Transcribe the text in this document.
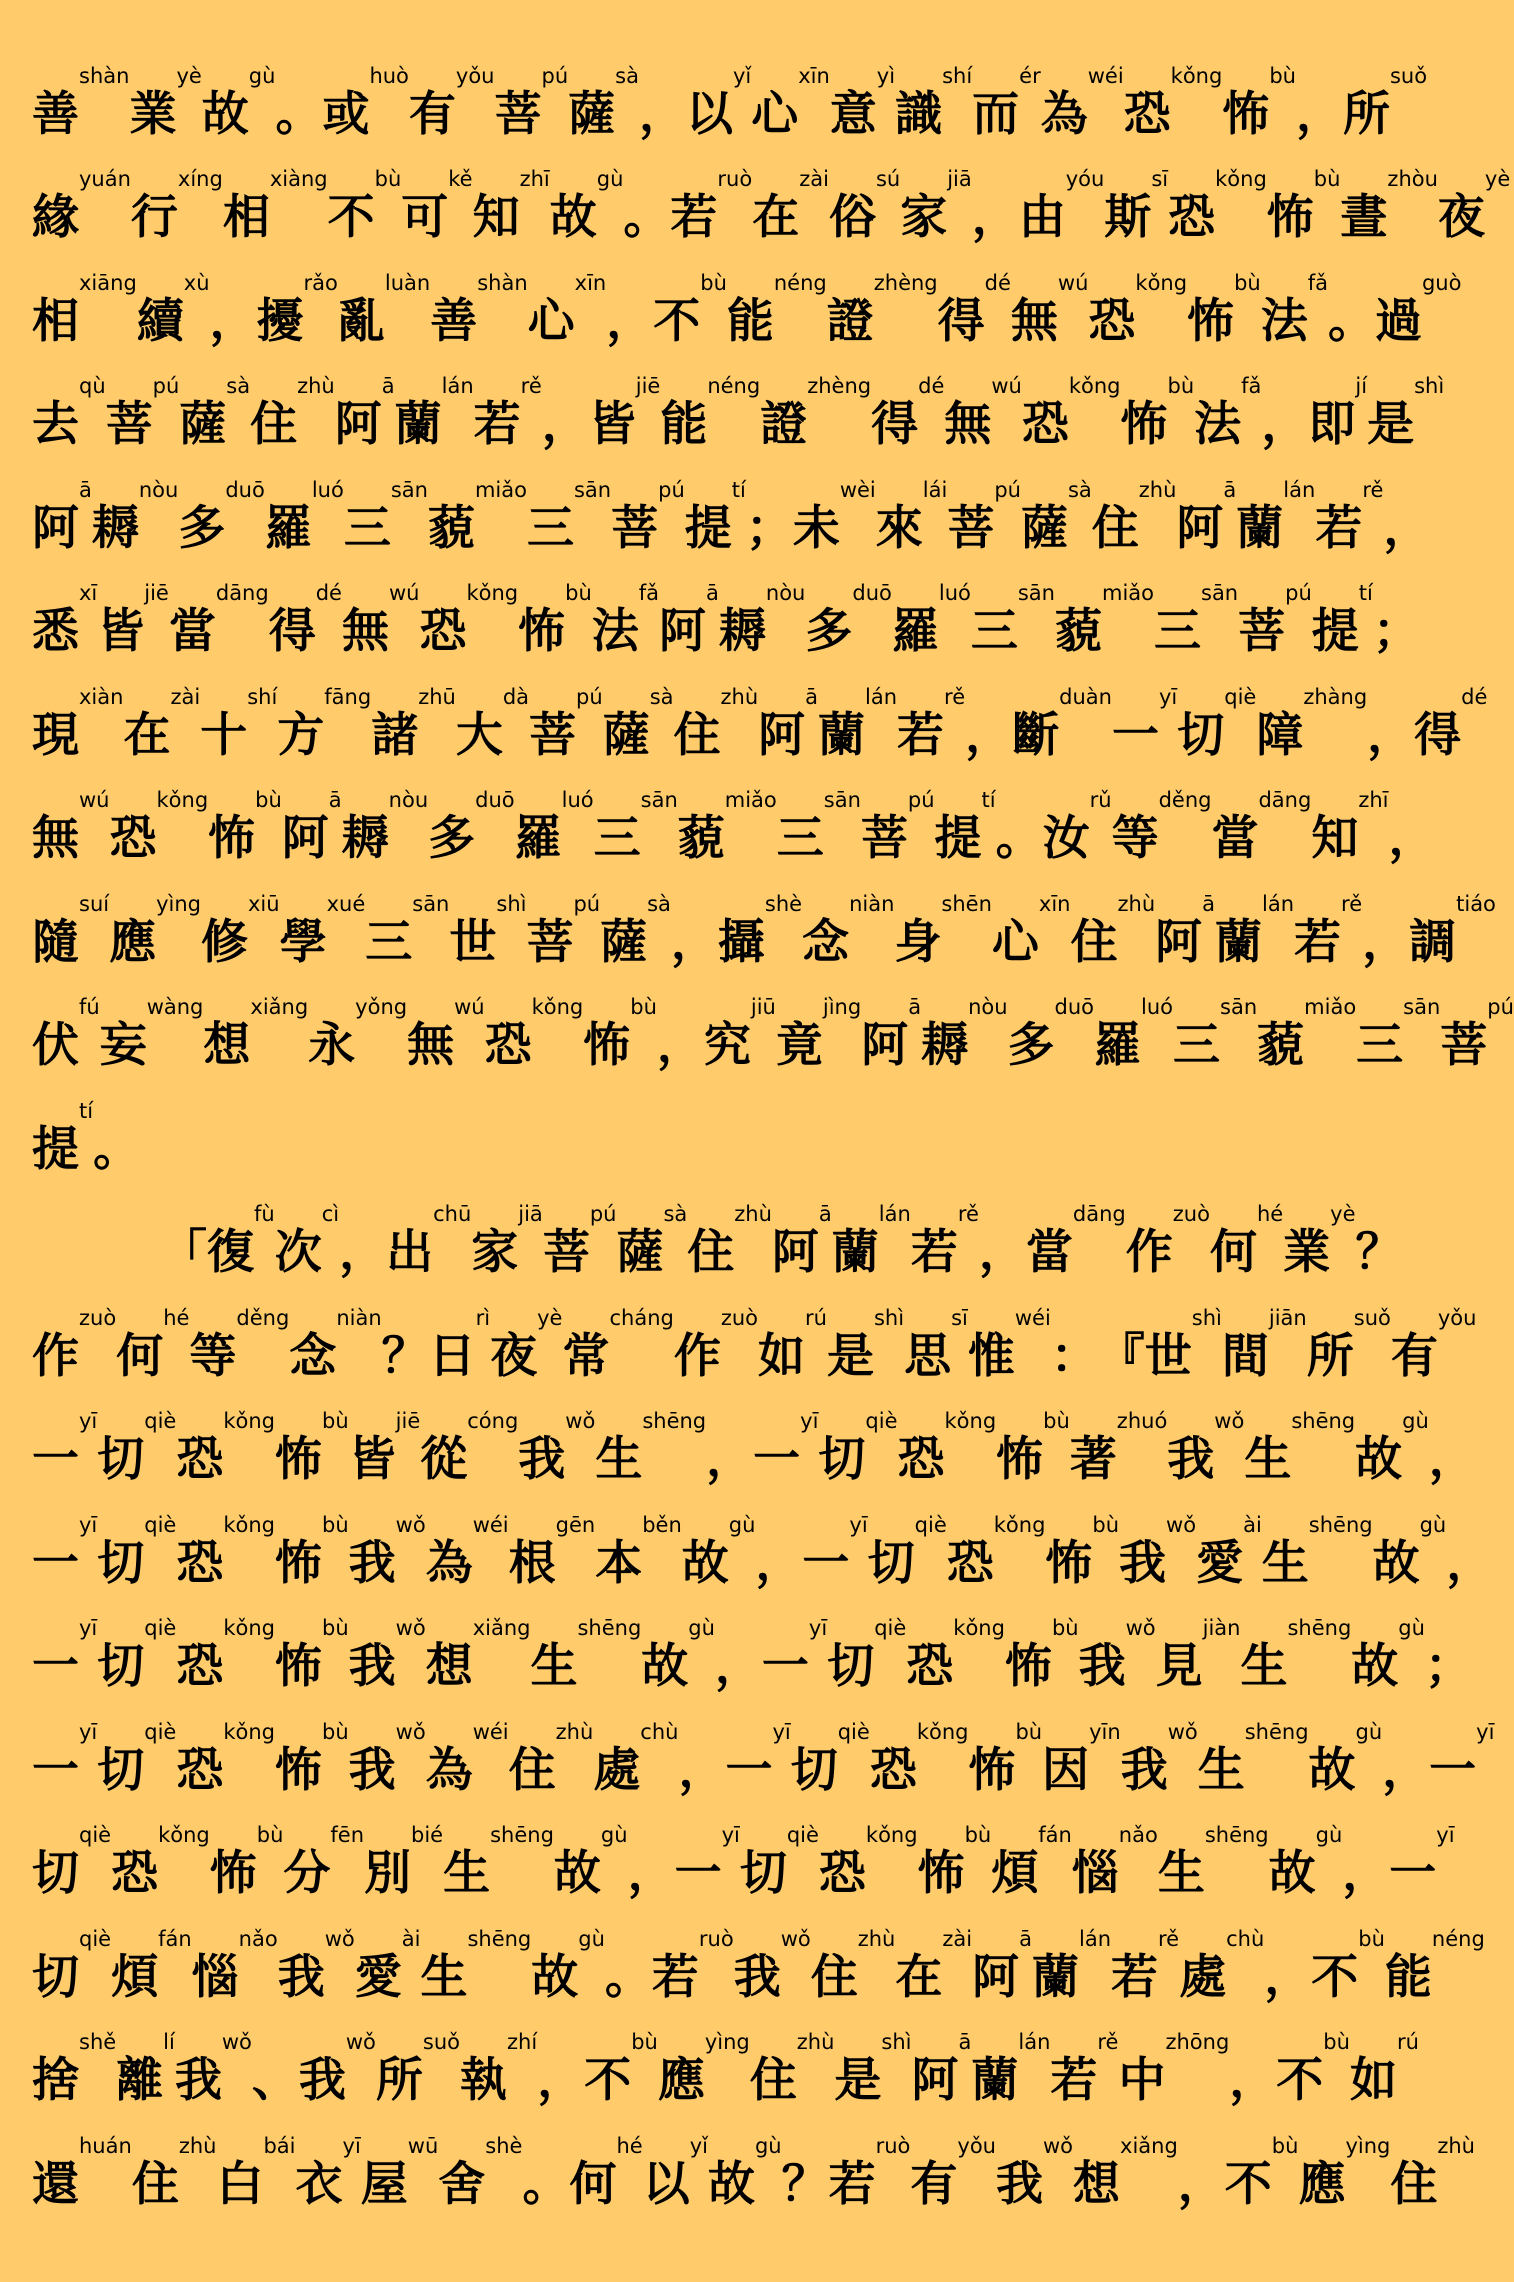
善shàn
業yè
故gù
。 或huò
有yǒu
菩pú
薩sà
， 以yǐ
心xīn
意yì
識shí
而ér
為wéi
恐kǒng
怖bù
， 所suǒ
緣yuán
行xíng
相xiàng
不bù
可kě
知zhī
故gù
。 若ruò
在zài
俗sú
家jiā
， 由yóu
斯sī
恐kǒng
怖bù
晝zhòu
夜yè
相xiāng
續xù
， 擾rǎo
亂luàn
善shàn
心xīn
， 不bù
能néng
證zhèng
得dé
無wú
恐kǒng
怖bù
法fǎ
。 過guò
去qù
菩pú
薩sà
住zhù
阿ā
蘭lán
若rě
， 皆jiē
能néng
證zhèng
得dé
無wú
恐kǒng
怖bù
法fǎ
， 即jí
是shì
阿ā
耨nòu
多duō
羅luó
三sān
藐miǎo
三sān
菩pú
提tí
； 未wèi
來lái
菩pú
薩sà
住zhù
阿ā
蘭lán
若rě
，
悉xī
皆jiē
當dāng
得dé
無wú
恐kǒng
怖bù
法fǎ
阿ā
耨nòu
多duō
羅luó
三sān
藐miǎo
三sān
菩pú
提tí
；
現xiàn
在zài
十shí
方fāng
諸zhū
大dà
菩pú
薩sà
住zhù
阿ā
蘭lán
若rě
， 斷duàn
一yī
切qiè
障zhàng
， 得dé
無wú
恐kǒng
怖bù
阿ā
耨nòu
多duō
羅luó
三sān
藐miǎo
三sān
菩pú
提tí
。 汝rǔ
等děng
當dāng
知zhī
，
隨suí
應yìng
修xiū
學xué
三sān
世shì
菩pú
薩sà
， 攝shè
念niàn
身shēn
心xīn
住zhù
阿ā
蘭lán
若rě
， 調tiáo
伏fú
妄wàng
想xiǎng
永yǒng
無wú
恐kǒng
怖bù
， 究jiū
竟jìng
阿ā
耨nòu
多duō
羅luó
三sān
藐miǎo
三sān
菩pú
提tí
。
「 復fù
次cì
， 出chū
家jiā
菩pú
薩sà
住zhù
阿ā
蘭lán
若rě
， 當dāng
作zuò
何hé
業yè
？
作zuò
何hé
等děng
念niàn
？ 日rì
夜yè
常cháng
作zuò
如rú
是shì
思sī
惟wéi
： 『 世shì
間jiān
所suǒ
有yǒu
一yī
切qiè
恐kǒng
怖bù
皆jiē
從cóng
我wǒ
生shēng
， 一yī
切qiè
恐kǒng
怖bù
著zhuó
我wǒ
生shēng
故gù
，
一yī
切qiè
恐kǒng
怖bù
我wǒ
為wéi
根gēn
本běn
故gù
， 一yī
切qiè
恐kǒng
怖bù
我wǒ
愛ài
生shēng
故gù
，
一yī
切qiè
恐kǒng
怖bù
我wǒ
想xiǎng
生shēng
故gù
， 一yī
切qiè
恐kǒng
怖bù
我wǒ
見jiàn
生shēng
故gù
；
一yī
切qiè
恐kǒng
怖bù
我wǒ
為wéi
住zhù
處chù
， 一yī
切qiè
恐kǒng
怖bù
因yīn
我wǒ
生shēng
故gù
， 一yī
切qiè
恐kǒng
怖bù
分fēn
別bié
生shēng
故gù
， 一yī
切qiè
恐kǒng
怖bù
煩fán
惱nǎo
生shēng
故gù
， 一yī
切qiè
煩fán
惱nǎo
我wǒ
愛ài
生shēng
故gù
。 若ruò
我wǒ
住zhù
在zài
阿ā
蘭lán
若rě
處chù
， 不bù
能néng
捨shě
離lí
我wǒ
、 我wǒ
所suǒ
執zhí
， 不bù
應yìng
住zhù
是shì
阿ā
蘭lán
若rě
中zhōng
， 不bù
如rú
還huán
住zhù
白bái
衣yī
屋wū
舍shè
。 何hé
以yǐ
故gù
？ 若ruò
有yǒu
我wǒ
想xiǎng
， 不bù
應yìng
住zhù
